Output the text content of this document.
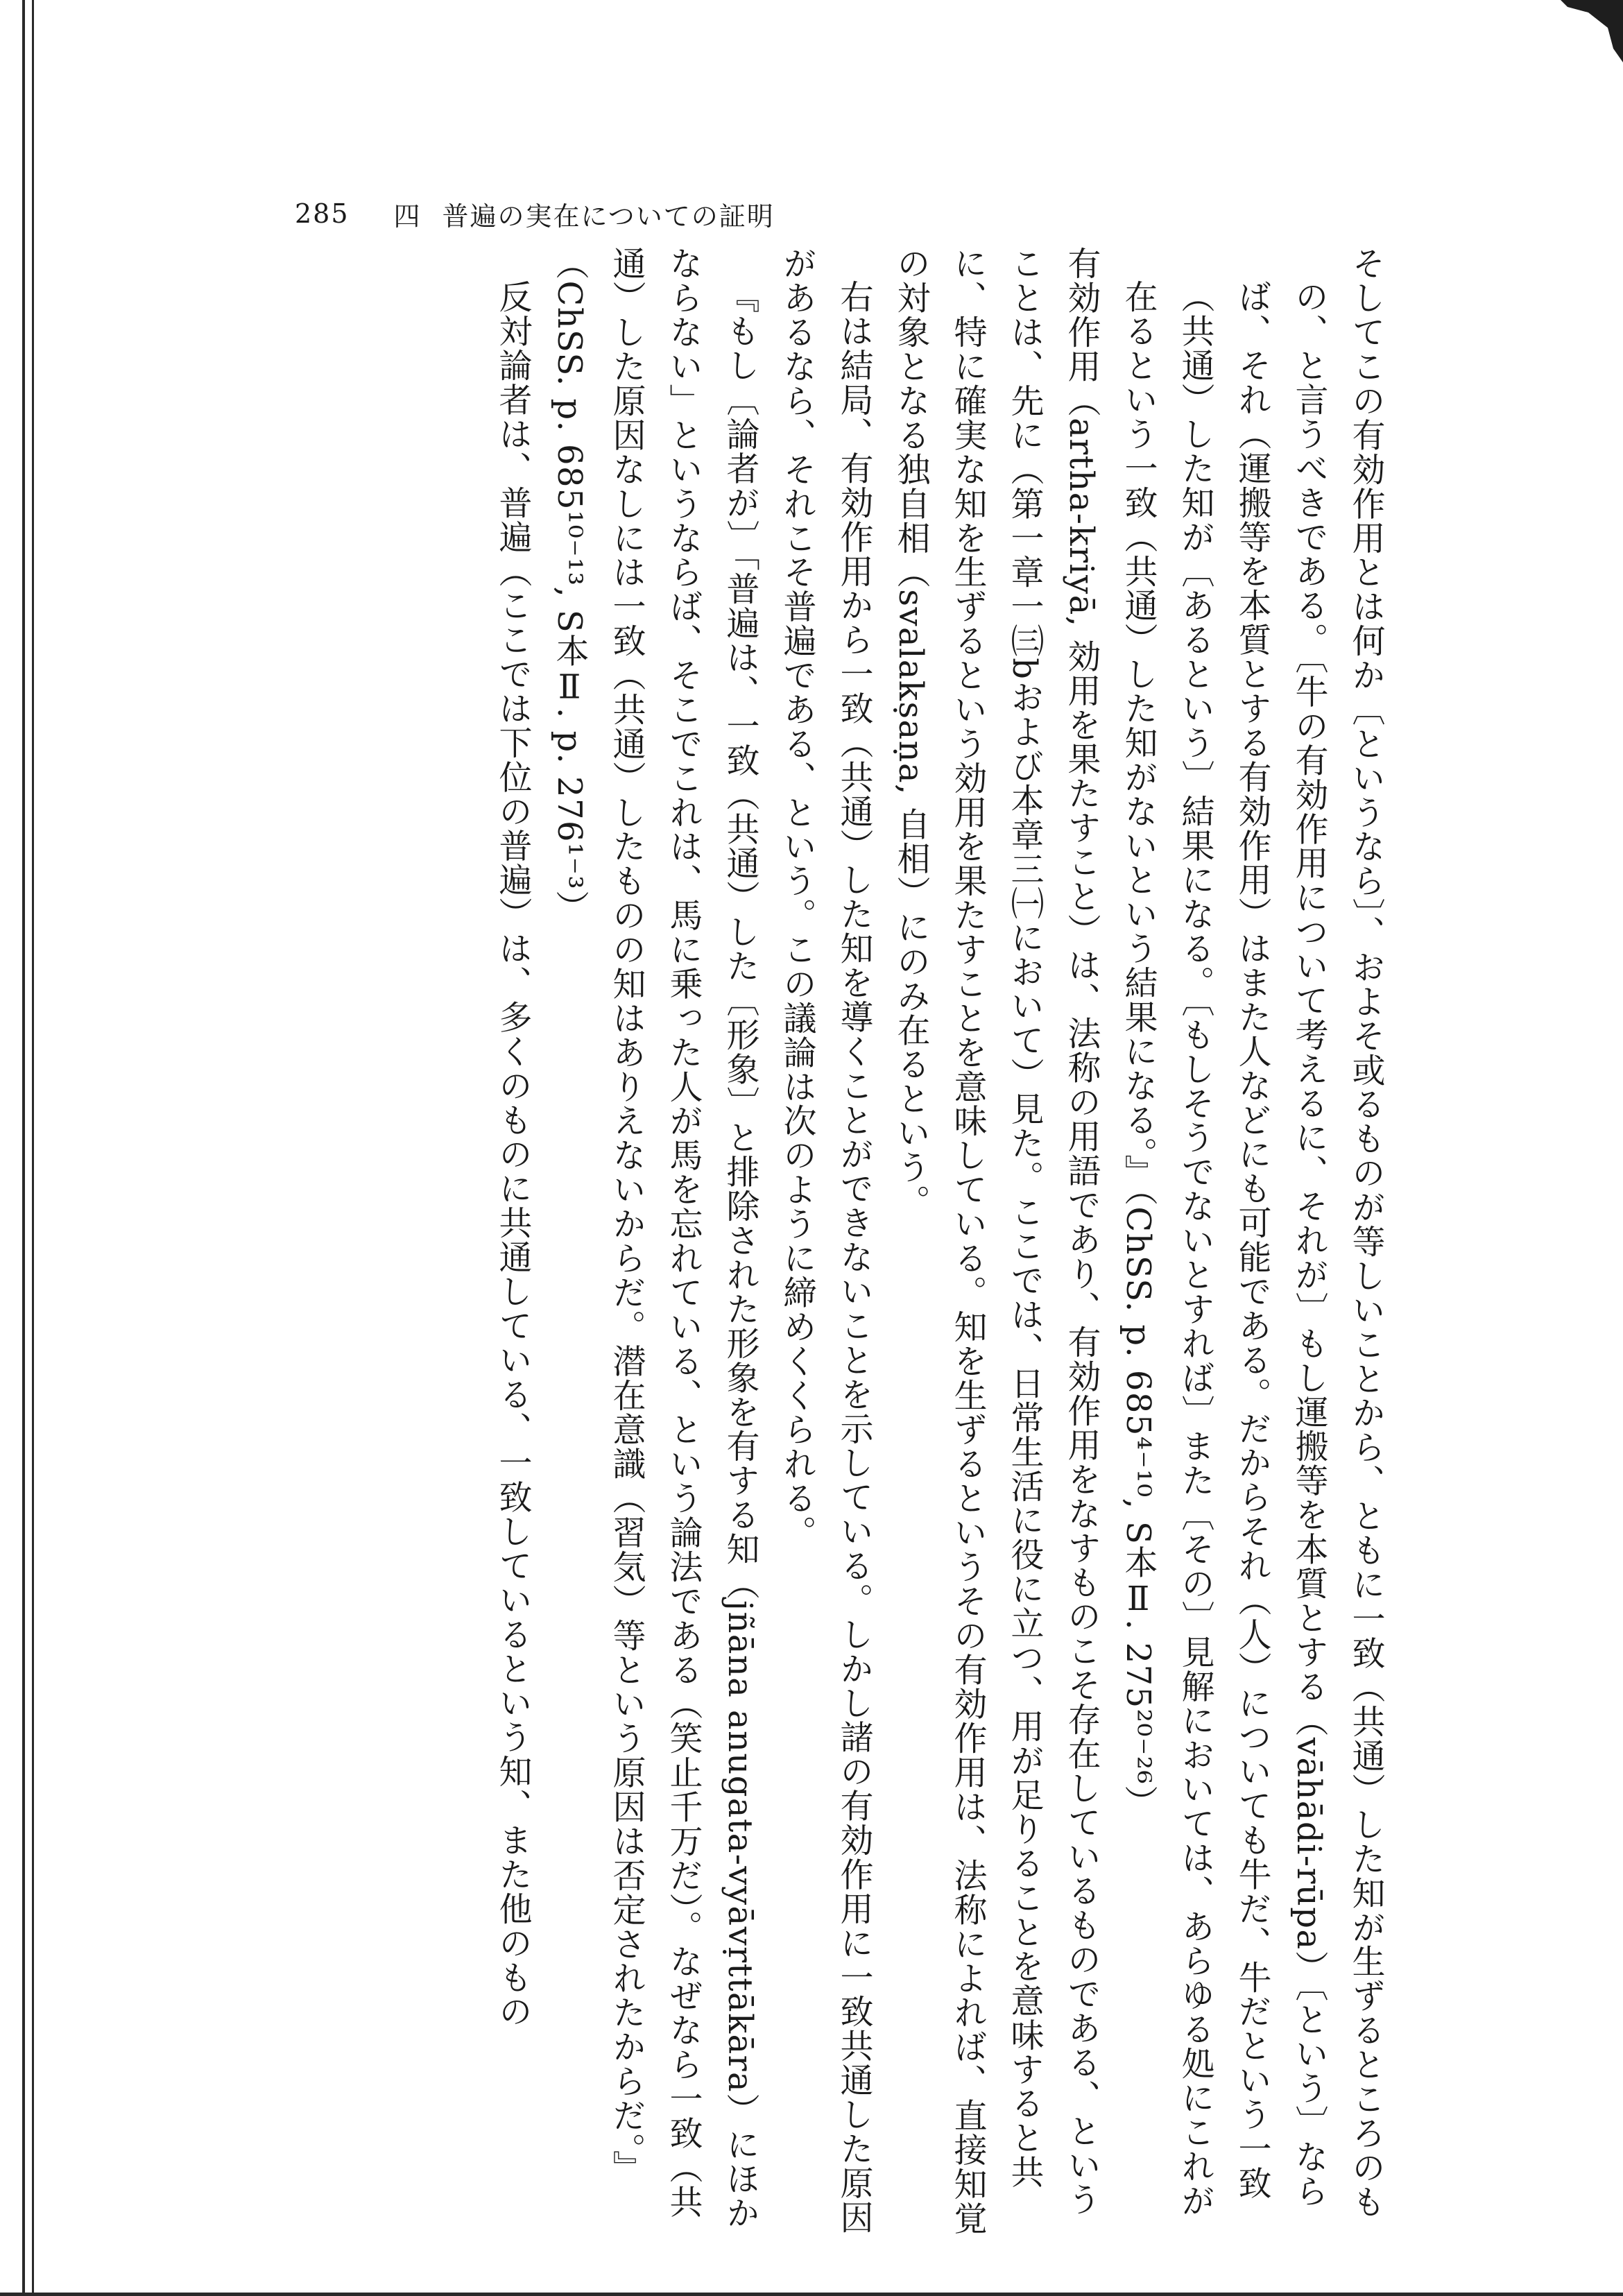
285 四 普遍の実在についての証明

そしてこの有効作用とは何か〔というなら〕、およそ或るものが等しいことから、ともに一致（共通）した知が生ずるところのもの、と言うべきである。〔牛の有効作用について考えるに、それが〕もし運搬等を本質とする（vāhādi-rūpa）〔という〕ならば、それ（運搬等を本質とする有効作用）はまた人などにも可能である。だからそれ（人）についても牛だ、牛だという一致（共通）した知が〔あるという〕結果になる。〔もしそうでないとすれば〕また〔その〕見解においては、あらゆる処にこれが在るという一致（共通）した知がないという結果になる。』（ChSS. p. 685⁴⁻¹⁰, S本Ⅱ. 275²⁰⁻²⁶）

有効作用（artha-kriyā, 効用を果たすこと）は、法称の用語であり、有効作用をなすものこそ存在しているものである、ということは、先に（第一章一㈢bおよび本章三㈠において）見た。ここでは、日常生活に役に立つ、用が足りることを意味すると共に、特に確実な知を生ずるという効用を果たすことを意味している。知を生ずるというその有効作用は、法称によれば、直接知覚の対象となる独自相（svalakṣaṇa, 自相）にのみ在るという。

右は結局、有効作用から一致（共通）した知を導くことができないことを示している。しかし諸の有効作用に一致共通した原因があるなら、それこそ普遍である、という。この議論は次のように締めくくられる。

『もし〔論者が〕「普遍は、一致（共通）した〔形象〕と排除された形象を有する知（jñāna anugata-vyāvṛttākāra）にほかならない」というならば、そこでこれは、馬に乗った人が馬を忘れている、という論法である（笑止千万だ）。なぜなら一致（共通）した原因なしには一致（共通）したものの知はありえないからだ。潜在意識（習気）等という原因は否定されたからだ。』（ChSS. p. 685¹⁰⁻¹³, S本Ⅱ. p. 276¹⁻³）

反対論者は、普遍（ここでは下位の普遍）は、多くのものに共通している、一致しているという知、また他のもの
